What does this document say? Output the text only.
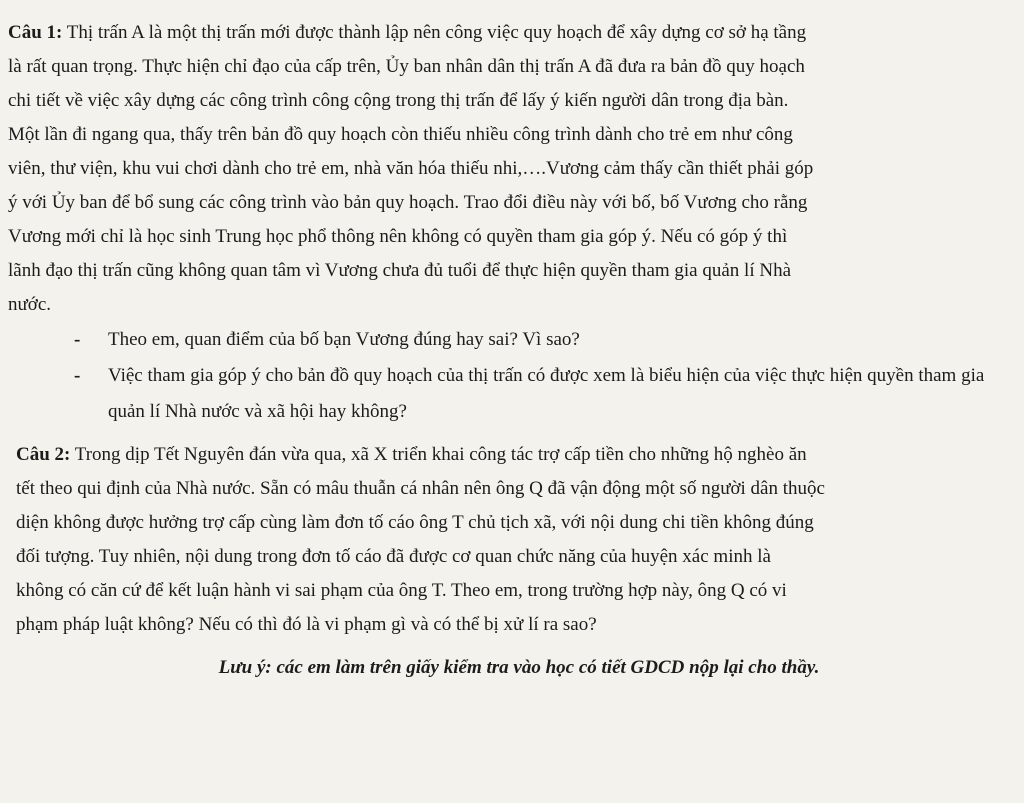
Câu 1: Thị trấn A là một thị trấn mới được thành lập nên công việc quy hoạch để xây dựng cơ sở hạ tầng
là rất quan trọng. Thực hiện chỉ đạo của cấp trên, Ủy ban nhân dân thị trấn A đã đưa ra bản đồ quy hoạch
chi tiết về việc xây dựng các công trình công cộng trong thị trấn để lấy ý kiến người dân trong địa bàn.
Một lần đi ngang qua, thấy trên bản đồ quy hoạch còn thiếu nhiều công trình dành cho trẻ em như công
viên, thư viện, khu vui chơi dành cho trẻ em, nhà văn hóa thiếu nhi,….Vương cảm thấy cần thiết phải góp
ý với Ủy ban để bổ sung các công trình vào bản quy hoạch. Trao đổi điều này với bố, bố Vương cho rằng
Vương mới chỉ là học sinh Trung học phổ thông nên không có quyền tham gia góp ý. Nếu có góp ý thì
lãnh đạo thị trấn cũng không quan tâm vì Vương chưa đủ tuổi để thực hiện quyền tham gia quản lí Nhà
nước.
- Theo em, quan điểm của bố bạn Vương đúng hay sai? Vì sao?
- Việc tham gia góp ý cho bản đồ quy hoạch của thị trấn có được xem là biểu hiện của việc thực hiện quyền tham gia quản lí Nhà nước và xã hội hay không?
Câu 2: Trong dịp Tết Nguyên đán vừa qua, xã X triển khai công tác trợ cấp tiền cho những hộ nghèo ăn
tết theo qui định của Nhà nước. Sẵn có mâu thuẫn cá nhân nên ông Q đã vận động một số người dân thuộc
diện không được hưởng trợ cấp cùng làm đơn tố cáo ông T chủ tịch xã, với nội dung chi tiền không đúng
đối tượng. Tuy nhiên, nội dung trong đơn tố cáo đã được cơ quan chức năng của huyện xác minh là
không có căn cứ để kết luận hành vi sai phạm của ông T. Theo em, trong trường hợp này, ông Q có vi
phạm pháp luật không? Nếu có thì đó là vi phạm gì và có thể bị xử lí ra sao?
Lưu ý: các em làm trên giấy kiểm tra vào học có tiết GDCD nộp lại cho thầy.
